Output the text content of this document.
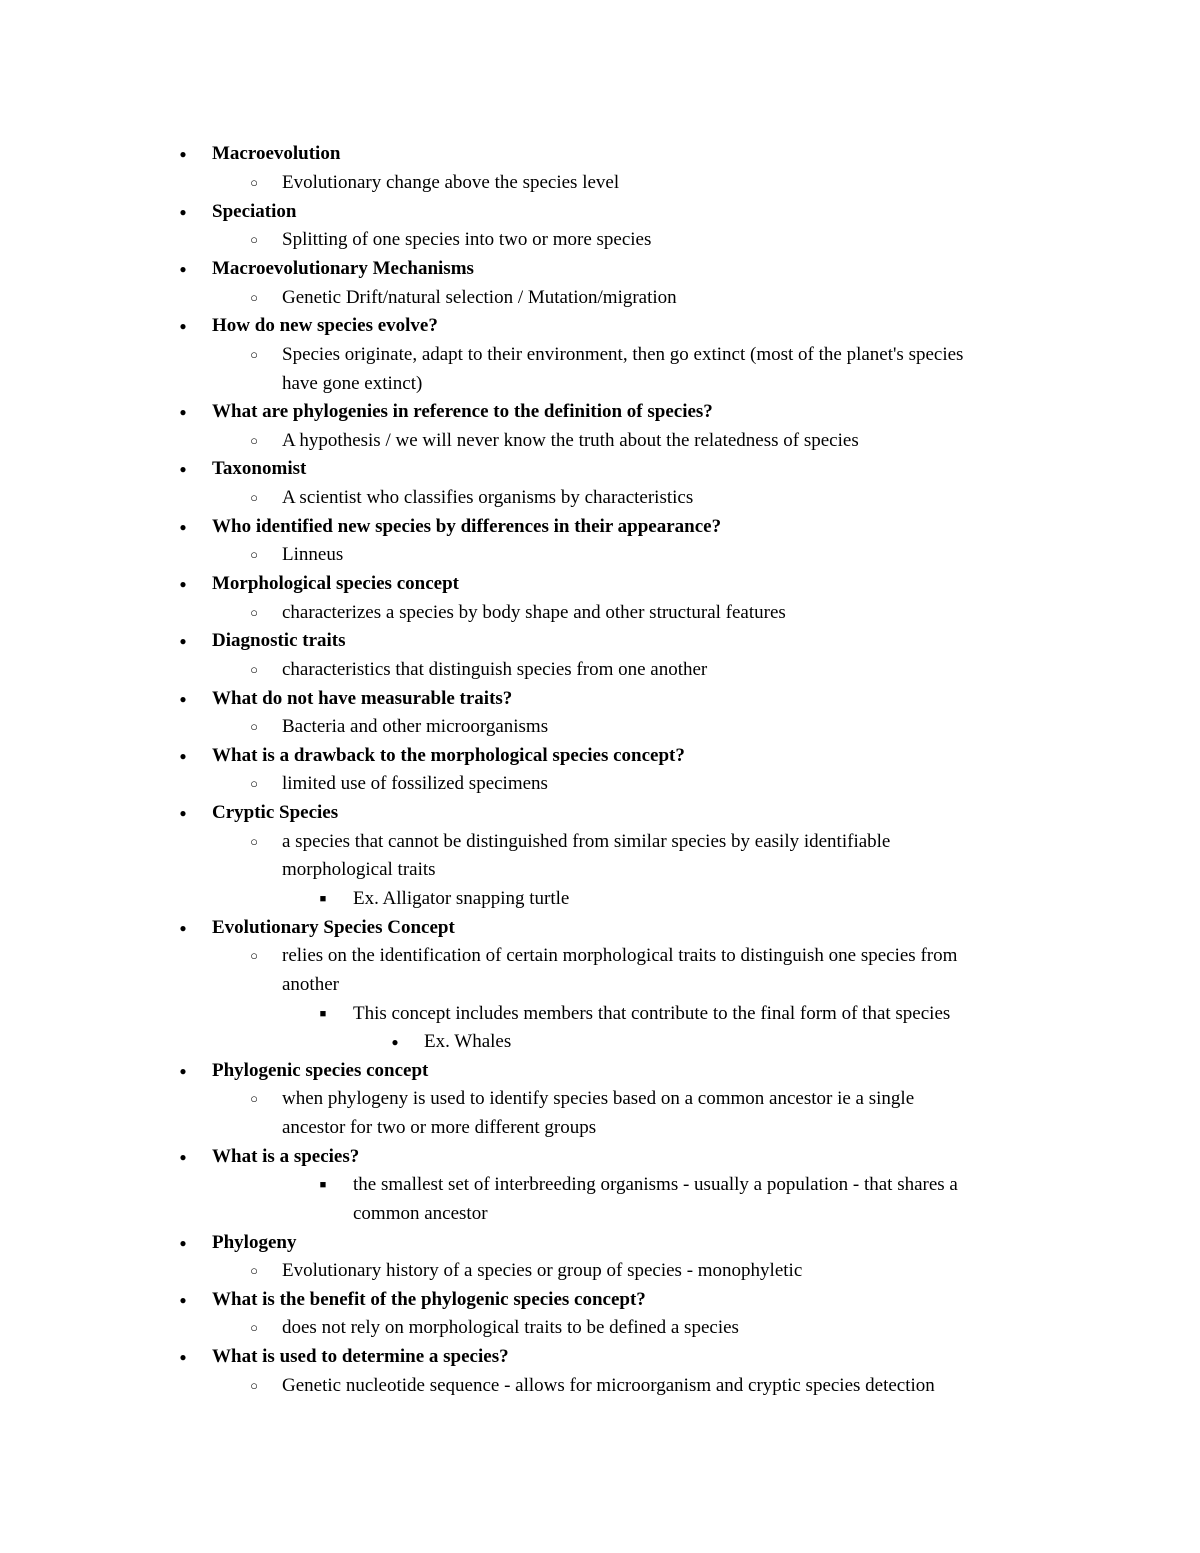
● Macroevolution
○ Evolutionary change above the species level
● Speciation
○ Splitting of one species into two or more species
● Macroevolutionary Mechanisms
○ Genetic Drift/natural selection / Mutation/migration
● How do new species evolve?
○ Species originate, adapt to their environment, then go extinct (most of the planet's species
have gone extinct)
● What are phylogenies in reference to the definition of species?
○ A hypothesis / we will never know the truth about the relatedness of species
● Taxonomist
○ A scientist who classifies organisms by characteristics
● Who identified new species by differences in their appearance?
○ Linneus
● Morphological species concept
○ characterizes a species by body shape and other structural features
● Diagnostic traits
○ characteristics that distinguish species from one another
● What do not have measurable traits?
○ Bacteria and other microorganisms
● What is a drawback to the morphological species concept?
○ limited use of fossilized specimens
● Cryptic Species
○ a species that cannot be distinguished from similar species by easily identifiable
morphological traits
■ Ex. Alligator snapping turtle
● Evolutionary Species Concept
○ relies on the identification of certain morphological traits to distinguish one species from
another
■ This concept includes members that contribute to the final form of that species
● Ex. Whales
● Phylogenic species concept
○ when phylogeny is used to identify species based on a common ancestor ie a single
ancestor for two or more different groups
● What is a species?
■ the smallest set of interbreeding organisms - usually a population - that shares a
common ancestor
● Phylogeny
○ Evolutionary history of a species or group of species - monophyletic
● What is the benefit of the phylogenic species concept?
○ does not rely on morphological traits to be defined a species
● What is used to determine a species?
○ Genetic nucleotide sequence - allows for microorganism and cryptic species detection
